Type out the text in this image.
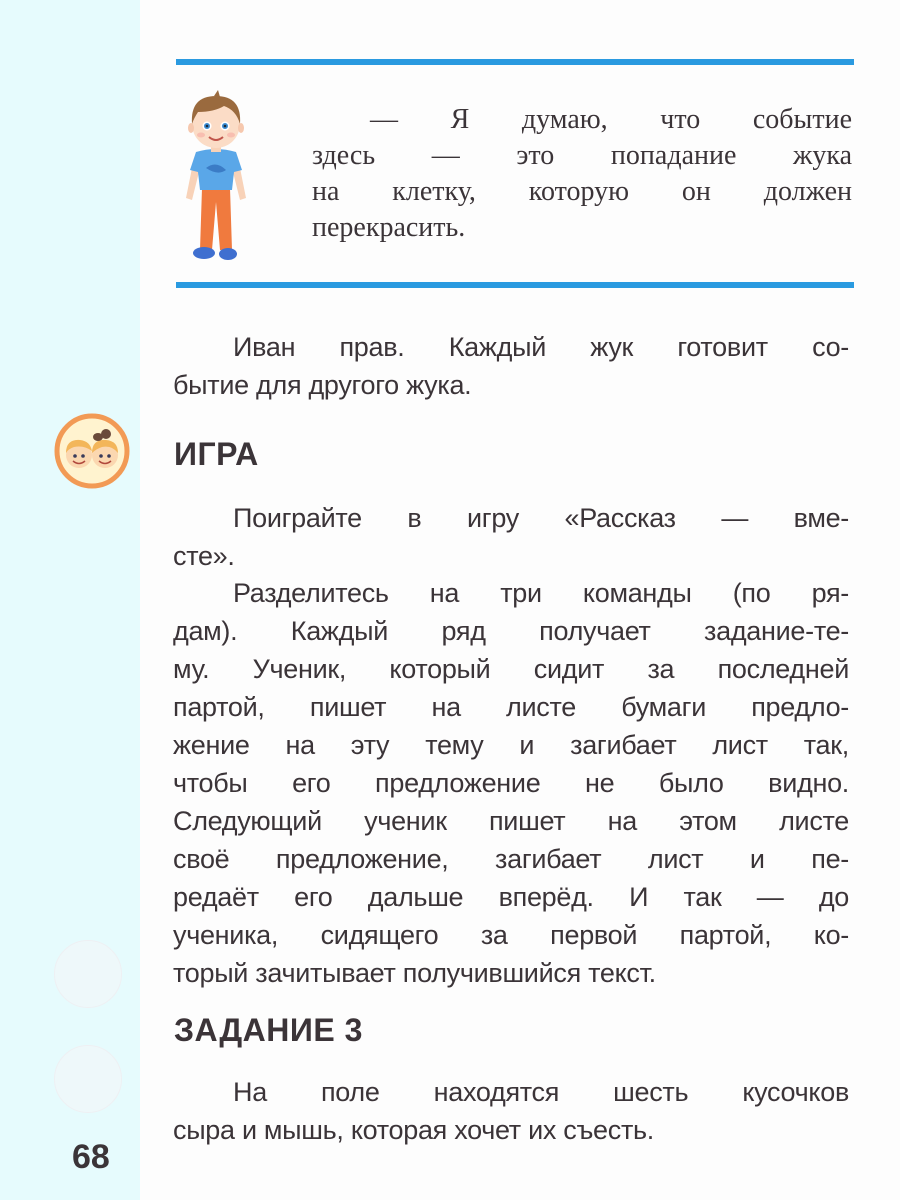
— Я думаю, что событие
здесь — это попадание жука
на клетку, которую он должен
перекрасить.
Иван прав. Каждый жук готовит со-
бытие для другого жука.
ИГРА
Поиграйте в игру «Рассказ — вме-
сте».
Разделитесь на три команды (по ря-
дам). Каждый ряд получает задание-те-
му. Ученик, который сидит за последней
партой, пишет на листе бумаги предло-
жение на эту тему и загибает лист так,
чтобы его предложение не было видно.
Следующий ученик пишет на этом листе
своё предложение, загибает лист и пе-
редаёт его дальше вперёд. И так — до
ученика, сидящего за первой партой, ко-
торый зачитывает получившийся текст.
ЗАДАНИЕ 3
На поле находятся шесть кусочков
сыра и мышь, которая хочет их съесть.
68
